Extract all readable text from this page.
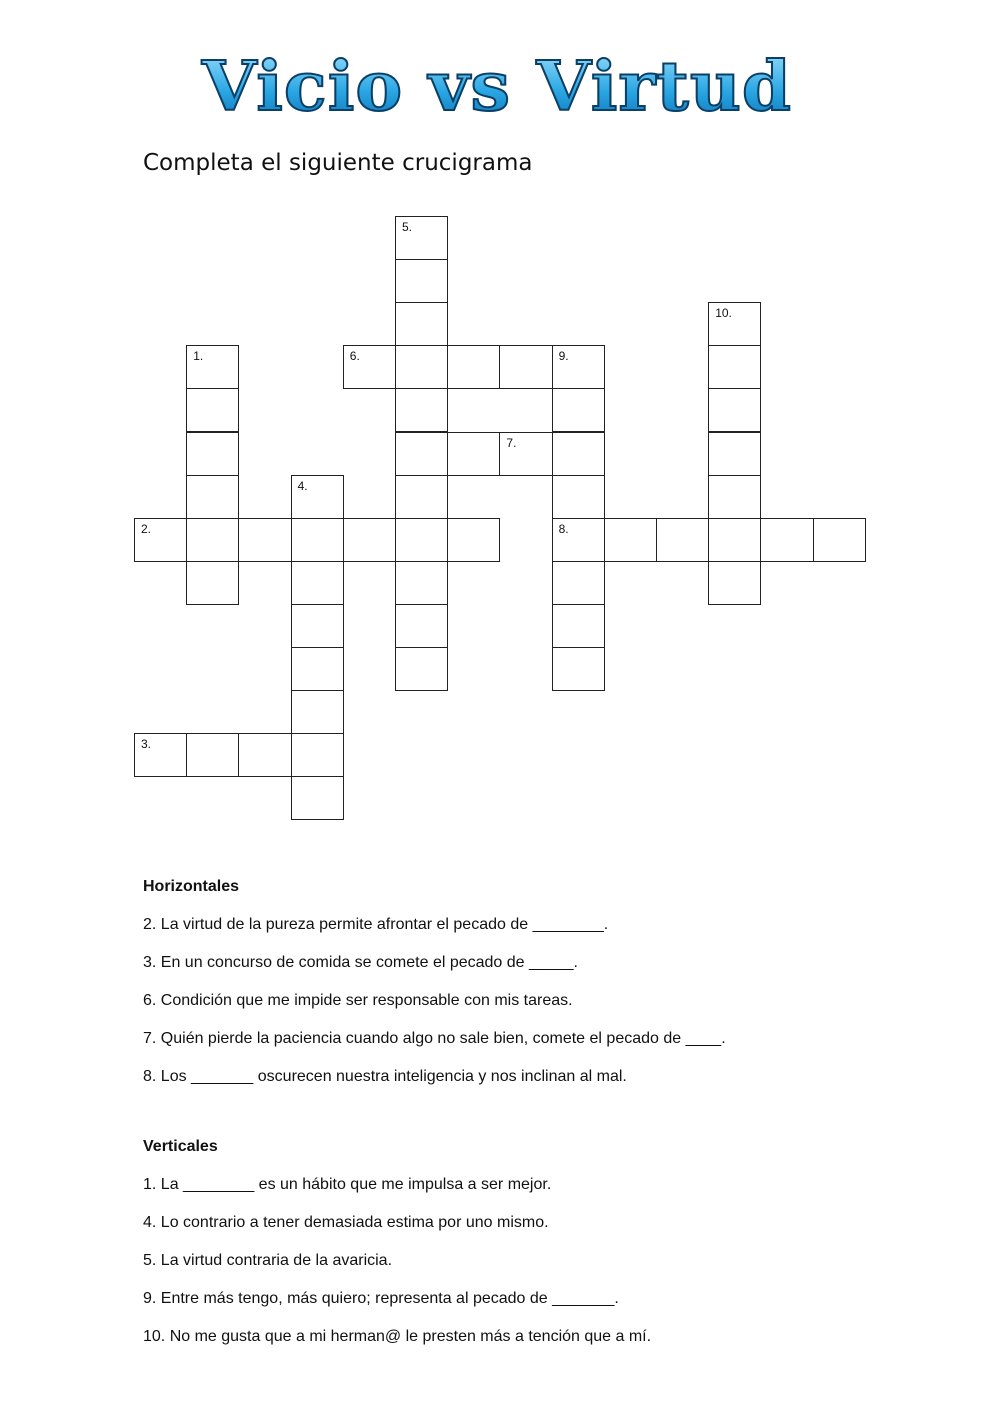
Vicio vs Virtud
Completa el siguiente crucigrama
5.
10.
1.	6.	9.
8.
7.
4.
2.
3.

Horizontales

2. La virtud de la pureza permite afrontar el pecado de ________.

3. En un concurso de comida se comete el pecado de _____.

6. Condición que me impide ser responsable con mis tareas.

7. Quién pierde la paciencia cuando algo no sale bien, comete el pecado de ____.

8. Los _______ oscurecen nuestra inteligencia y nos inclinan al mal.

Verticales

1. La ________ es un hábito que me impulsa a ser mejor.

4. Lo contrario a tener demasiada estima por uno mismo.

5. La virtud contraria de la avaricia.

9. Entre más tengo, más quiero; representa al pecado de _______.

10. No me gusta que a mi herman@ le presten más a tención que a mí.
